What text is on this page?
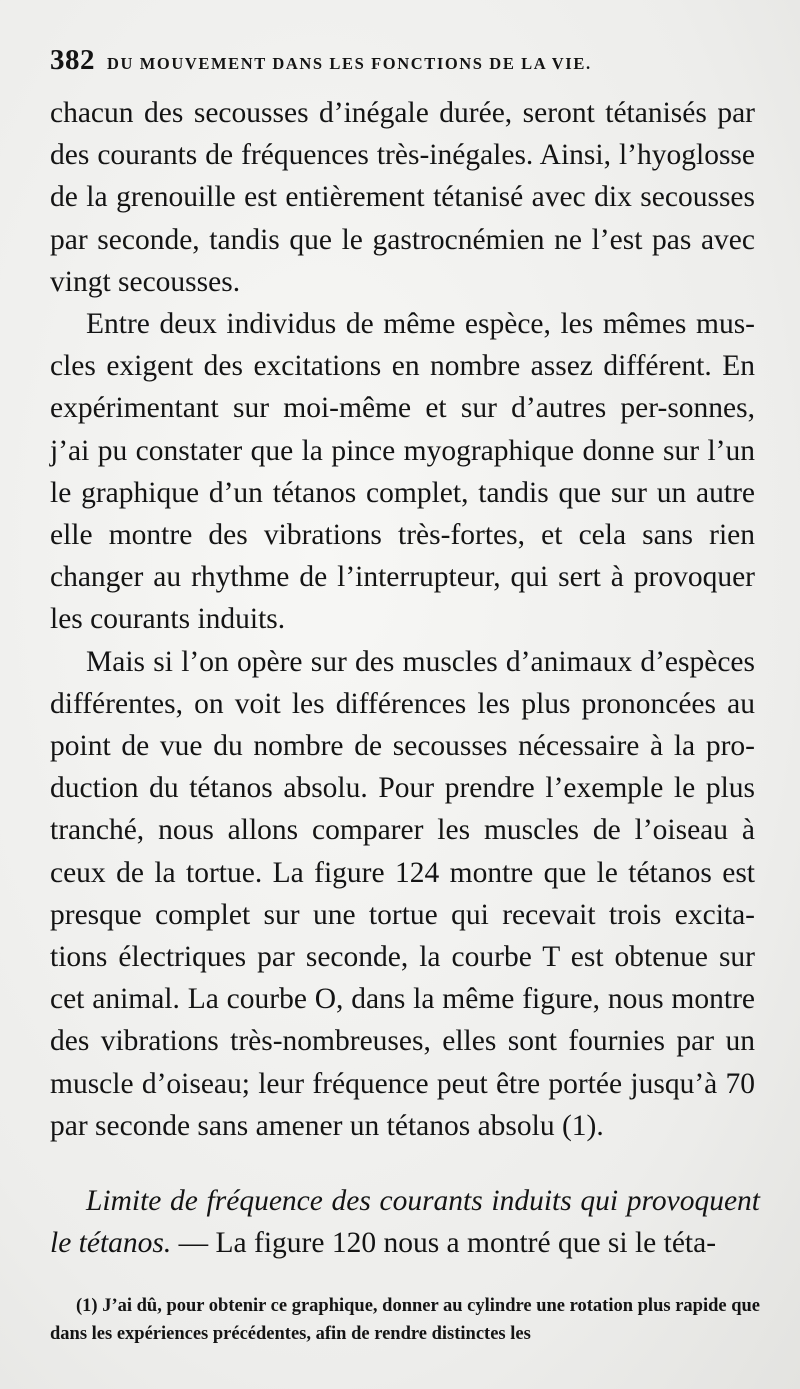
382 DU MOUVEMENT DANS LES FONCTIONS DE LA VIE.

chacun des secousses d’inégale durée, seront tétanisés par des courants de fréquences très-inégales. Ainsi, l’hyoglosse de la grenouille est entièrement tétanisé avec dix secousses par seconde, tandis que le gastrocnémien ne l’est pas avec vingt secousses.

Entre deux individus de même espèce, les mêmes mus-cles exigent des excitations en nombre assez différent. En expérimentant sur moi-même et sur d’autres per-sonnes, j’ai pu constater que la pince myographique donne sur l’un le graphique d’un tétanos complet, tandis que sur un autre elle montre des vibrations très-fortes, et cela sans rien changer au rhythme de l’interrupteur, qui sert à provoquer les courants induits.

Mais si l’on opère sur des muscles d’animaux d’espèces différentes, on voit les différences les plus prononcées au point de vue du nombre de secousses nécessaire à la pro-duction du tétanos absolu. Pour prendre l’exemple le plus tranché, nous allons comparer les muscles de l’oiseau à ceux de la tortue. La figure 124 montre que le tétanos est presque complet sur une tortue qui recevait trois excita-tions électriques par seconde, la courbe T est obtenue sur cet animal. La courbe O, dans la même figure, nous montre des vibrations très-nombreuses, elles sont fournies par un muscle d’oiseau; leur fréquence peut être portée jusqu’à 70 par seconde sans amener un tétanos absolu (1).

Limite de fréquence des courants induits qui provoquent le tétanos. — La figure 120 nous a montré que si le téta-
(1) J’ai dû, pour obtenir ce graphique, donner au cylindre une rotation plus rapide que dans les expériences précédentes, afin de rendre distinctes les
